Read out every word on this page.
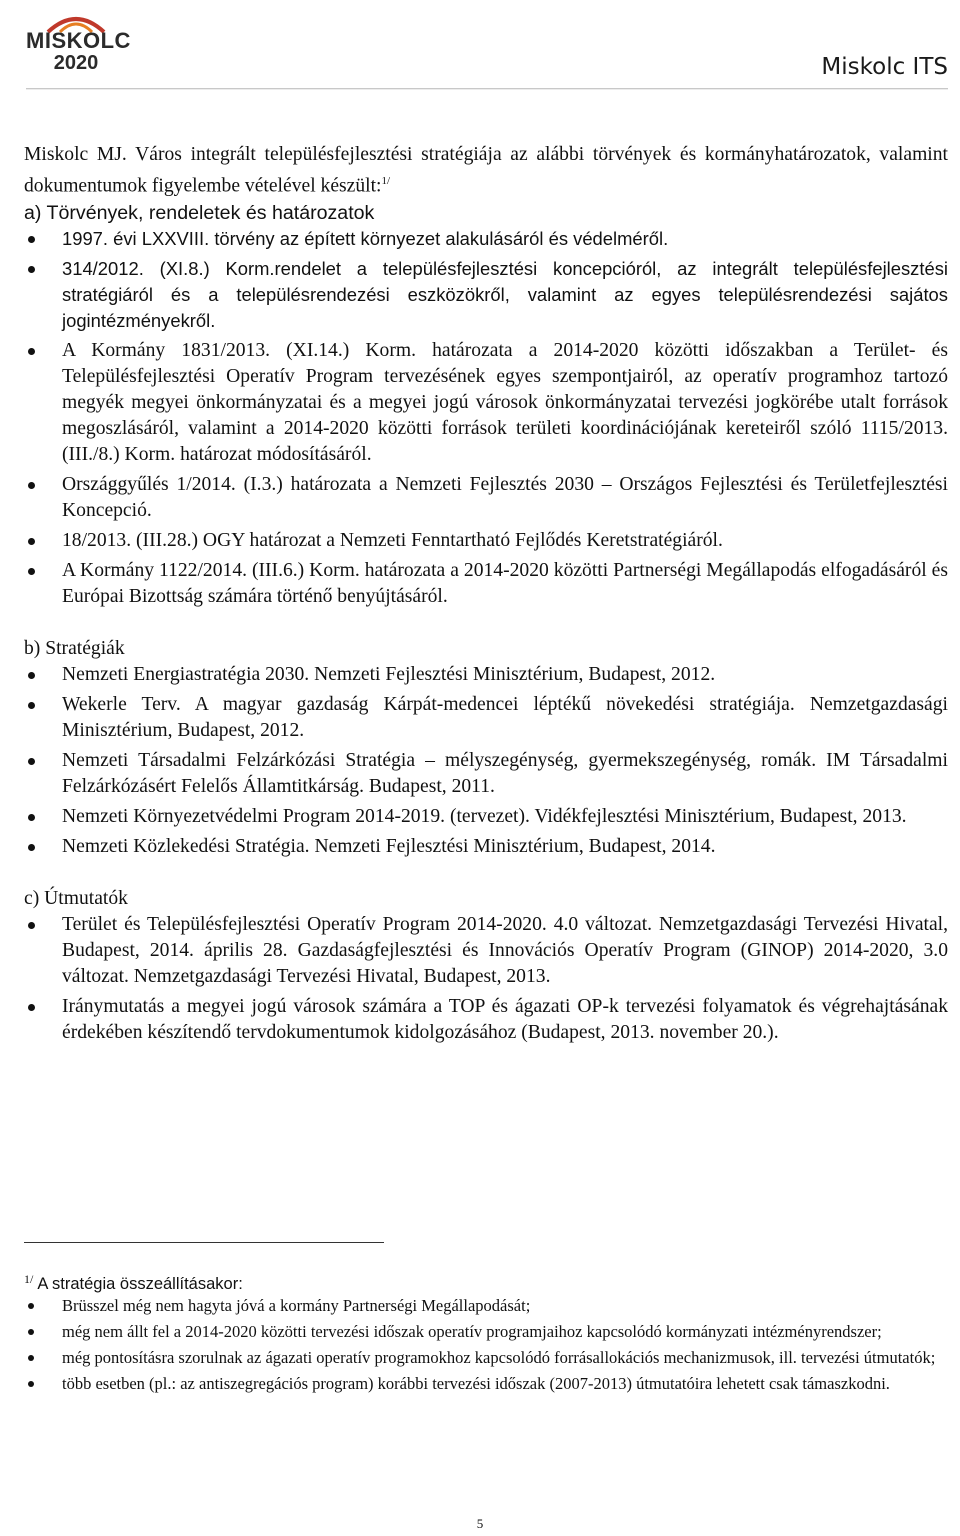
MISKOLC
2020	Miskolc ITS

Miskolc MJ. Város integrált településfejlesztési stratégiája az alábbi törvények és kormányhatározatok, valamint dokumentumok figyelembe vételével készült:$^{1/}$

a) Törvények, rendeletek és határozatok

1997. évi LXXVIII. törvény az épített környezet alakulásáról és védelméről.
314/2012. (XI.8.) Korm.rendelet a településfejlesztési koncepcióról, az integrált településfejlesztési stratégiáról és a településrendezési eszközökről, valamint az egyes településrendezési sajátos jogintézményekről.
A Kormány 1831/2013. (XI.14.) Korm. határozata a 2014-2020 közötti időszakban a Terület- és Településfejlesztési Operatív Program tervezésének egyes szempontjairól, az operatív programhoz tartozó megyék megyei önkormányzatai és a megyei jogú városok önkormányzatai tervezési jogkörébe utalt források megoszlásáról, valamint a 2014-2020 közötti források területi koordinációjának kereteiről szóló 1115/2013. (III./8.) Korm. határozat módosításáról.
Országgyűlés 1/2014. (I.3.) határozata a Nemzeti Fejlesztés 2030 – Országos Fejlesztési és Területfejlesztési Koncepció.
18/2013. (III.28.) OGY határozat a Nemzeti Fenntartható Fejlődés Keretstratégiáról.
A Kormány 1122/2014. (III.6.) Korm. határozata a 2014-2020 közötti Partnerségi Megállapodás elfogadásáról és Európai Bizottság számára történő benyújtásáról.

b) Stratégiák

Nemzeti Energiastratégia 2030. Nemzeti Fejlesztési Minisztérium, Budapest, 2012.
Wekerle Terv. A magyar gazdaság Kárpát-medencei léptékű növekedési stratégiája. Nemzetgazdasági Minisztérium, Budapest, 2012.
Nemzeti Társadalmi Felzárkózási Stratégia – mélyszegénység, gyermekszegénység, romák. IM Társadalmi Felzárkózásért Felelős Államtitkárság. Budapest, 2011.
Nemzeti Környezetvédelmi Program 2014-2019. (tervezet). Vidékfejlesztési Minisztérium, Budapest, 2013.
Nemzeti Közlekedési Stratégia. Nemzeti Fejlesztési Minisztérium, Budapest, 2014.

c) Útmutatók

Terület és Településfejlesztési Operatív Program 2014-2020. 4.0 változat. Nemzetgazdasági Tervezési Hivatal, Budapest, 2014. április 28. Gazdaságfejlesztési és Innovációs Operatív Program (GINOP) 2014-2020, 3.0 változat. Nemzetgazdasági Tervezési Hivatal, Budapest, 2013.
Iránymutatás a megyei jogú városok számára a TOP és ágazati OP-k tervezési folyamatok és végrehajtásának érdekében készítendő tervdokumentumok kidolgozásához (Budapest, 2013. november 20.).

$^{1/}$ A stratégia összeállításakor:

Brüsszel még nem hagyta jóvá a kormány Partnerségi Megállapodását;
még nem állt fel a 2014-2020 közötti tervezési időszak operatív programjaihoz kapcsolódó kormányzati intézményrendszer;
még pontosításra szorulnak az ágazati operatív programokhoz kapcsolódó forrásallokációs mechanizmusok, ill. tervezési útmutatók;
több esetben (pl.: az antiszegregációs program) korábbi tervezési időszak (2007-2013) útmutatóira lehetett csak támaszkodni.
5
